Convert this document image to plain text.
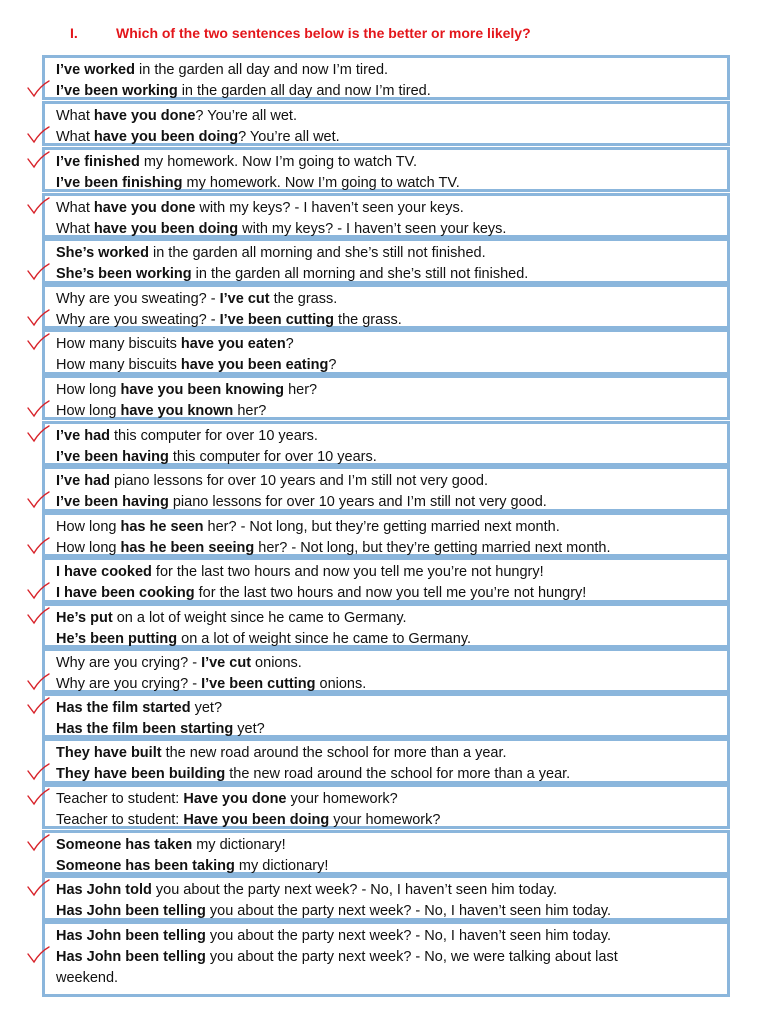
I.	Which of the two sentences below is the better or more likely?
I’ve worked in the garden all day and now I’m tired.
I’ve been working in the garden all day and now I’m tired.
What have you done? You’re all wet.
What have you been doing? You’re all wet.
I’ve finished my homework. Now I’m going to watch TV.
I’ve been finishing my homework. Now I’m going to watch TV.
What have you done with my keys? - I haven’t seen your keys.
What have you been doing with my keys? - I haven’t seen your keys.
She’s worked in the garden all morning and she’s still not finished.
She’s been working in the garden all morning and she’s still not finished.
Why are you sweating? - I’ve cut the grass.
Why are you sweating? - I’ve been cutting the grass.
How many biscuits have you eaten?
How many biscuits have you been eating?
How long have you been knowing her?
How long have you known her?
I’ve had this computer for over 10 years.
I’ve been having this computer for over 10 years.
I’ve had piano lessons for over 10 years and I’m still not very good.
I’ve been having piano lessons for over 10 years and I’m still not very good.
How long has he seen her? - Not long, but they’re getting married next month.
How long has he been seeing her? - Not long, but they’re getting married next month.
I have cooked for the last two hours and now you tell me you’re not hungry!
I have been cooking for the last two hours and now you tell me you’re not hungry!
He’s put on a lot of weight since he came to Germany.
He’s been putting on a lot of weight since he came to Germany.
Why are you crying? - I’ve cut onions.
Why are you crying? - I’ve been cutting onions.
Has the film started yet?
Has the film been starting yet?
They have built the new road around the school for more than a year.
They have been building the new road around the school for more than a year.
Teacher to student: Have you done your homework?
Teacher to student: Have you been doing your homework?
Someone has taken my dictionary!
Someone has been taking my dictionary!
Has John told you about the party next week? - No, I haven’t seen him today.
Has John been telling you about the party next week? - No, I haven’t seen him today.
Has John been telling you about the party next week? - No, I haven’t seen him today.
Has John been telling you about the party next week? - No, we were talking about last
weekend.
